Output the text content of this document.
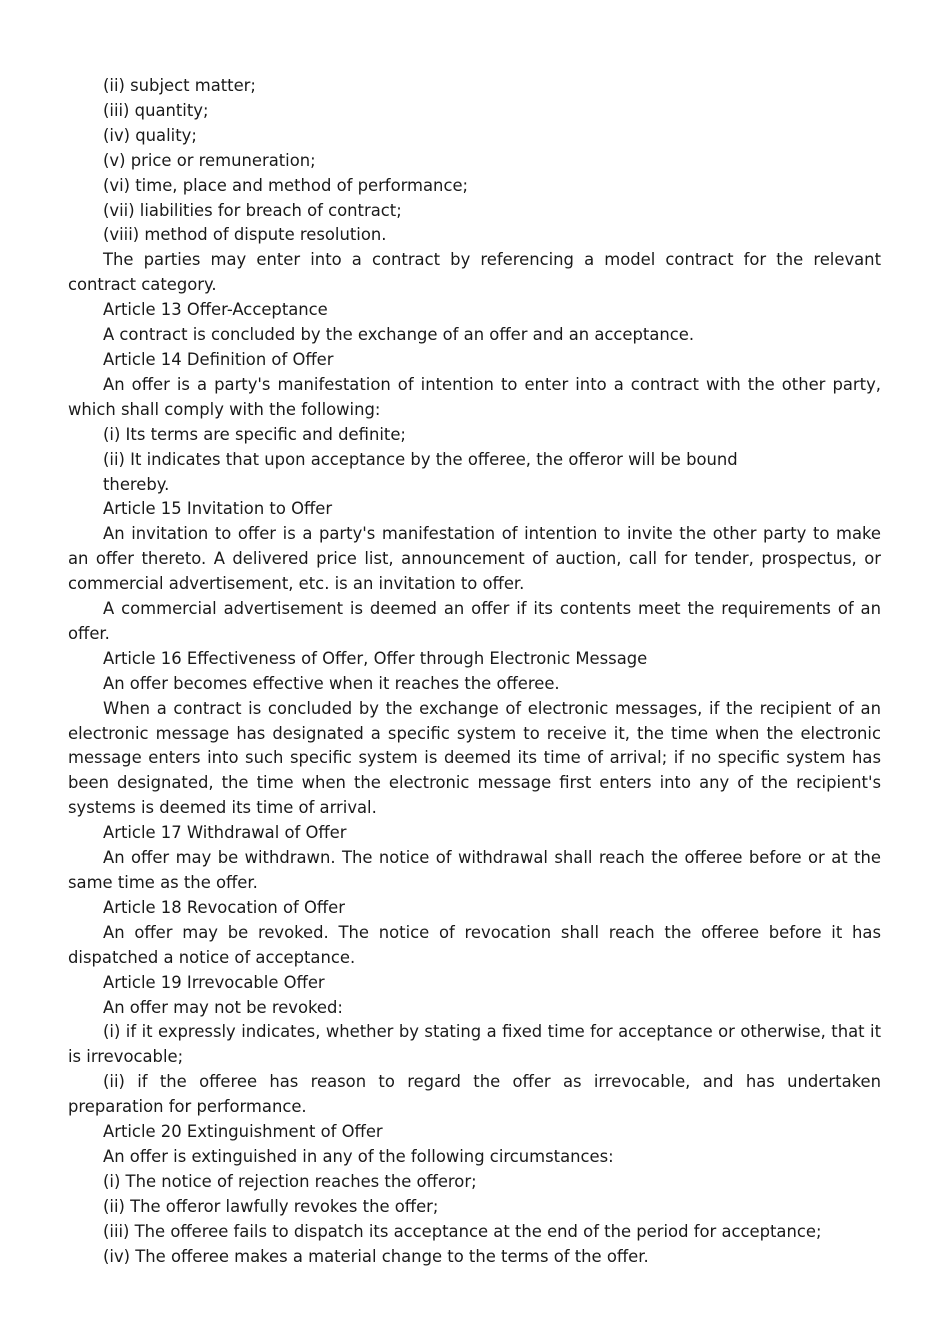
(ii) subject matter;

(iii) quantity;

(iv) quality;

(v) price or remuneration;

(vi) time, place and method of performance;

(vii) liabilities for breach of contract;

(viii) method of dispute resolution.

The parties may enter into a contract by referencing a model contract for the relevant contract category.

Article 13 Offer-Acceptance

A contract is concluded by the exchange of an offer and an acceptance.

Article 14 Definition of Offer

An offer is a party's manifestation of intention to enter into a contract with the other party, which shall comply with the following:

(i) Its terms are specific and definite;

(ii) It indicates that upon acceptance by the offeree, the offeror will be bound

thereby.

Article 15 Invitation to Offer

An invitation to offer is a party's manifestation of intention to invite the other party to make an offer thereto. A delivered price list, announcement of auction, call for tender, prospectus, or commercial advertisement, etc. is an invitation to offer.

A commercial advertisement is deemed an offer if its contents meet the requirements of an offer.

Article 16 Effectiveness of Offer, Offer through Electronic Message

An offer becomes effective when it reaches the offeree.

When a contract is concluded by the exchange of electronic messages, if the recipient of an electronic message has designated a specific system to receive it, the time when the electronic message enters into such specific system is deemed its time of arrival; if no specific system has been designated, the time when the electronic message first enters into any of the recipient's systems is deemed its time of arrival.

Article 17 Withdrawal of Offer

An offer may be withdrawn. The notice of withdrawal shall reach the offeree before or at the same time as the offer.

Article 18 Revocation of Offer

An offer may be revoked. The notice of revocation shall reach the offeree before it has dispatched a notice of acceptance.

Article 19 Irrevocable Offer

An offer may not be revoked:

(i) if it expressly indicates, whether by stating a fixed time for acceptance or otherwise, that it is irrevocable;

(ii) if the offeree has reason to regard the offer as irrevocable, and has undertaken preparation for performance.

Article 20 Extinguishment of Offer

An offer is extinguished in any of the following circumstances:

(i) The notice of rejection reaches the offeror;

(ii) The offeror lawfully revokes the offer;

(iii) The offeree fails to dispatch its acceptance at the end of the period for acceptance;

(iv) The offeree makes a material change to the terms of the offer.
